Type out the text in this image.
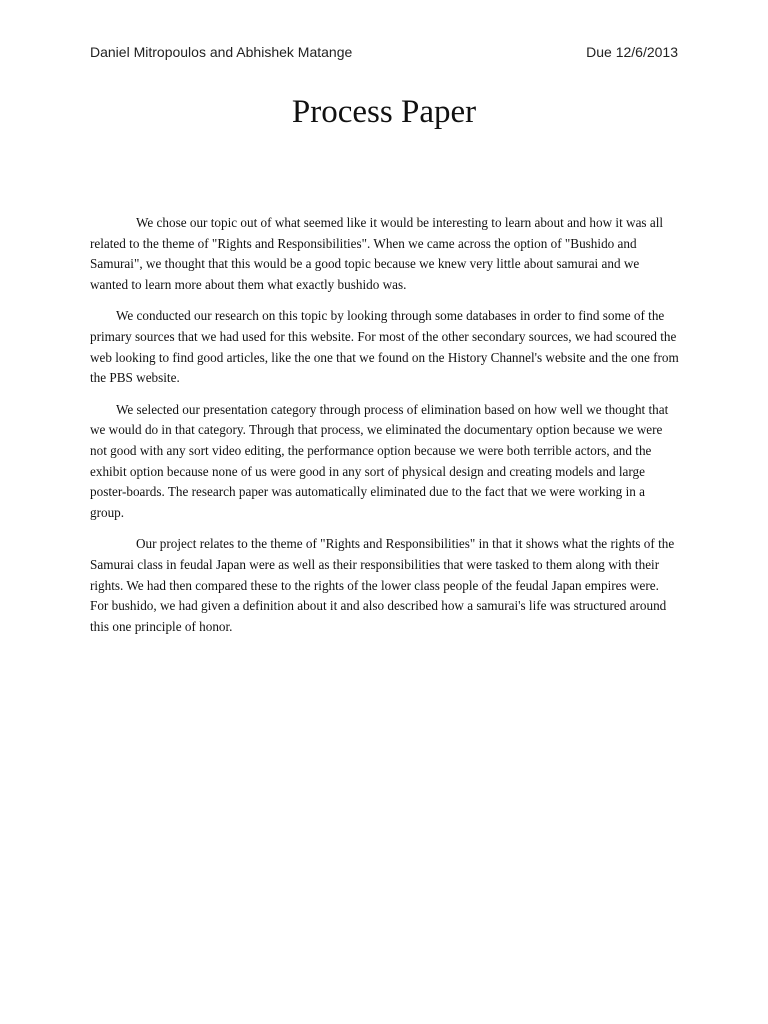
Daniel Mitropoulos and Abhishek Matange	Due 12/6/2013
Process Paper

We chose our topic out of what seemed like it would be interesting to learn about and how it was all related to the theme of "Rights and Responsibilities". When we came across the option of "Bushido and Samurai", we thought that this would be a good topic because we knew very little about samurai and we wanted to learn more about them what exactly bushido was.

We conducted our research on this topic by looking through some databases in order to find some of the primary sources that we had used for this website. For most of the other secondary sources, we had scoured the web looking to find good articles, like the one that we found on the History Channel's website and the one from the PBS website.

We selected our presentation category through process of elimination based on how well we thought that we would do in that category. Through that process, we eliminated the documentary option because we were not good with any sort video editing, the performance option because we were both terrible actors, and the exhibit option because none of us were good in any sort of physical design and creating models and large poster-boards. The research paper was automatically eliminated due to the fact that we were working in a group.

Our project relates to the theme of "Rights and Responsibilities" in that it shows what the rights of the Samurai class in feudal Japan were as well as their responsibilities that were tasked to them along with their rights. We had then compared these to the rights of the lower class people of the feudal Japan empires were. For bushido, we had given a definition about it and also described how a samurai's life was structured around this one principle of honor.
